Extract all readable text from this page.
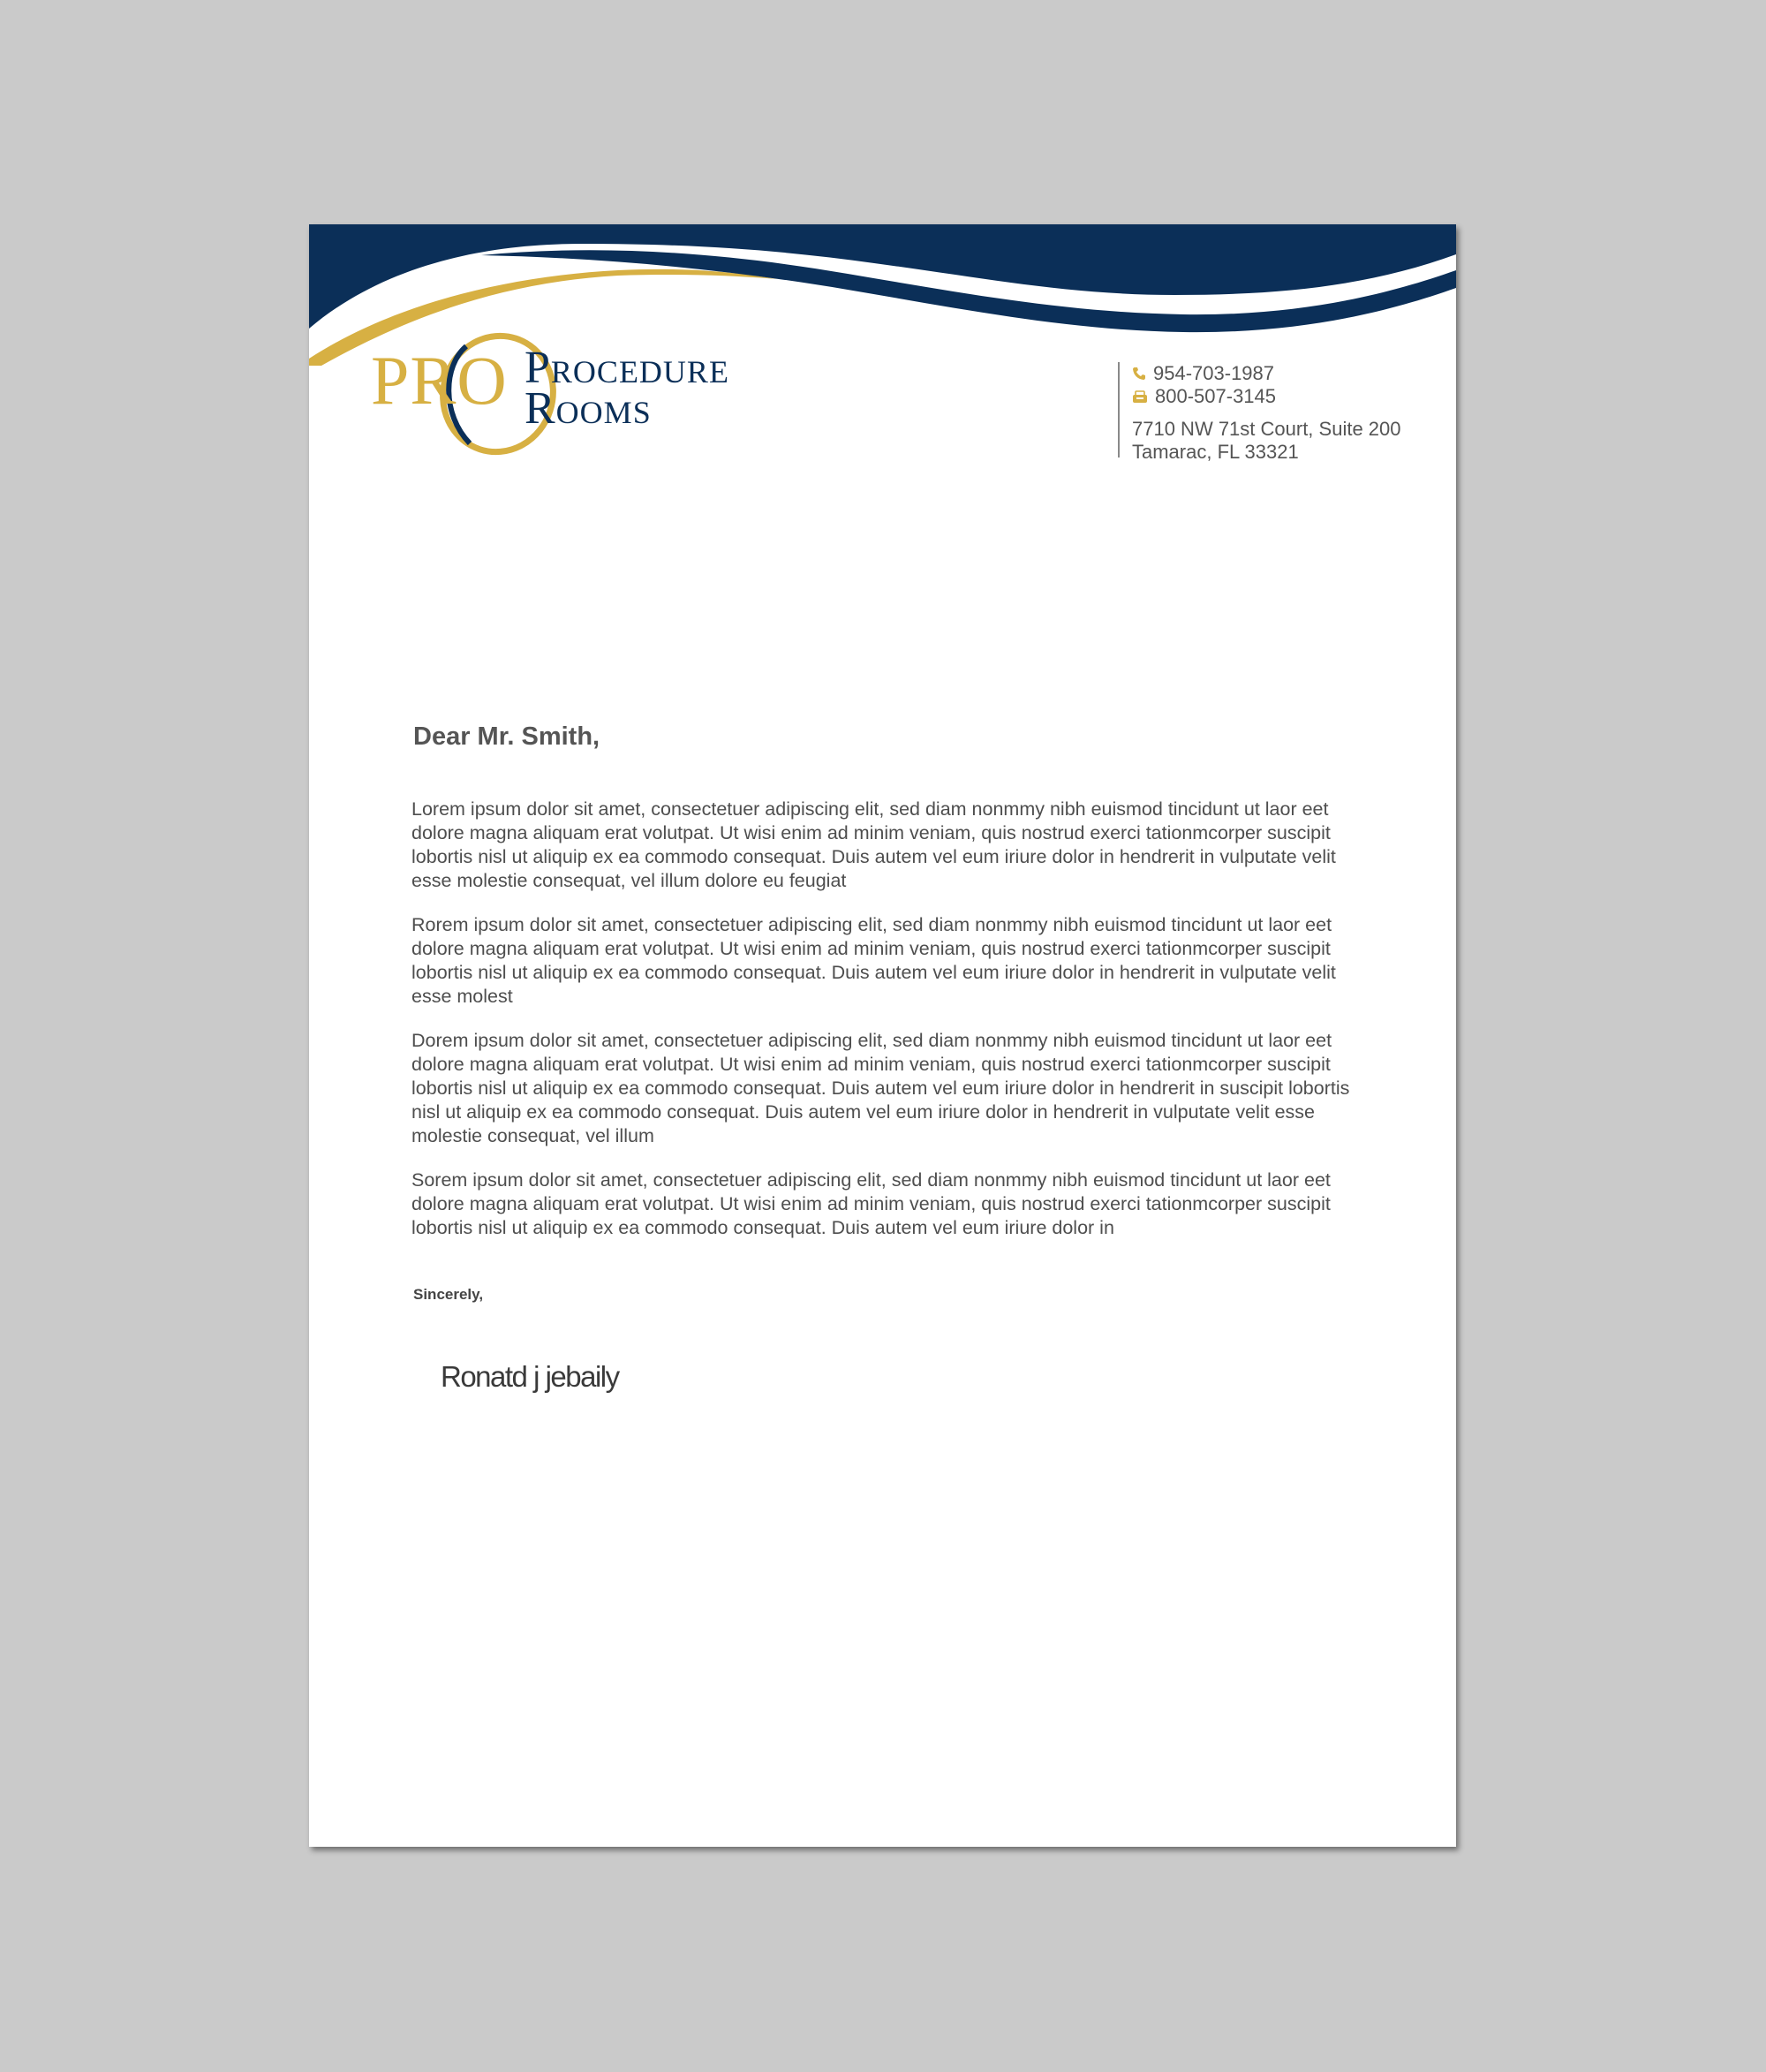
PRO Procedure
Rooms
954-703-1987
800-507-3145
7710 NW 71st Court, Suite 200
Tamarac, FL 33321
Dear Mr. Smith,

Lorem ipsum dolor sit amet, consectetuer adipiscing elit, sed diam nonmmy nibh euismod tincidunt ut laor eet dolore magna aliquam erat volutpat. Ut wisi enim ad minim veniam, quis nostrud exerci tationmcorper suscipit lobortis nisl ut aliquip ex ea commodo consequat. Duis autem vel eum iriure dolor in hendrerit in vulputate velit esse molestie consequat, vel illum dolore eu feugiat

Rorem ipsum dolor sit amet, consectetuer adipiscing elit, sed diam nonmmy nibh euismod tincidunt ut laor eet dolore magna aliquam erat volutpat. Ut wisi enim ad minim veniam, quis nostrud exerci tationmcorper suscipit lobortis nisl ut aliquip ex ea commodo consequat. Duis autem vel eum iriure dolor in hendrerit in vulputate velit esse molest

Dorem ipsum dolor sit amet, consectetuer adipiscing elit, sed diam nonmmy nibh euismod tincidunt ut laor eet dolore magna aliquam erat volutpat. Ut wisi enim ad minim veniam, quis nostrud exerci tationmcorper suscipit lobortis nisl ut aliquip ex ea commodo consequat. Duis autem vel eum iriure dolor in hendrerit in suscipit lobortis nisl ut aliquip ex ea commodo consequat. Duis autem vel eum iriure dolor in hendrerit in vulputate velit esse molestie consequat, vel illum

Sorem ipsum dolor sit amet, consectetuer adipiscing elit, sed diam nonmmy nibh euismod tincidunt ut laor eet dolore magna aliquam erat volutpat. Ut wisi enim ad minim veniam, quis nostrud exerci tationmcorper suscipit lobortis nisl ut aliquip ex ea commodo consequat. Duis autem vel eum iriure dolor in

Sincerely,
Ronatd j jebaily
